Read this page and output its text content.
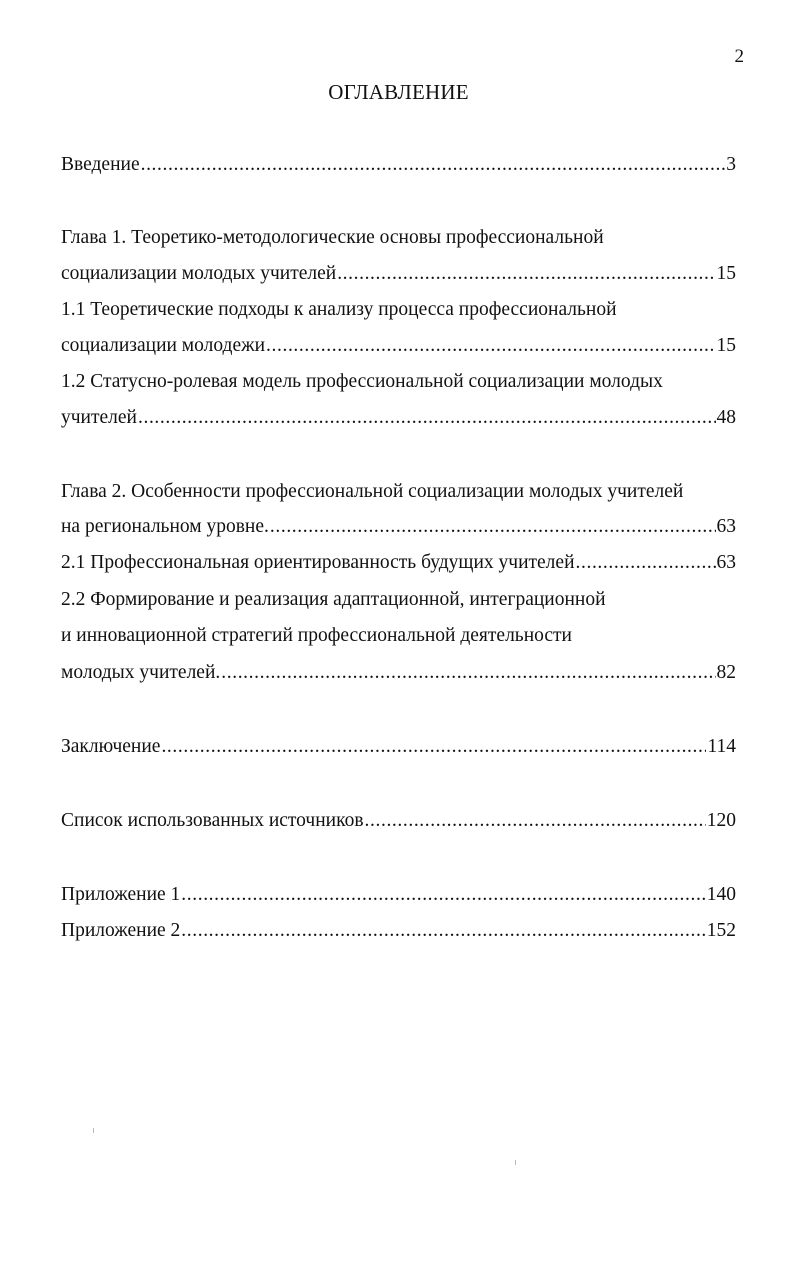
2
ОГЛАВЛЕНИЕ
Введение .....	3
Глава 1. Теоретико-методологические основы профессиональной
социализации молодых учителей .....	15
1.1 Теоретические подходы к анализу процесса профессиональной
социализации молодежи .....	15
1.2 Статусно-ролевая модель профессиональной социализации молодых
учителей .....	48
Глава 2. Особенности профессиональной социализации молодых учителей
на региональном уровне. .....	63
2.1 Профессиональная ориентированность будущих учителей .....	63
2.2 Формирование и реализация адаптационной, интеграционной
и инновационной стратегий профессиональной деятельности
молодых учителей. .....	82
Заключение .....	114
Список использованных источников .....	120
Приложение 1 .....	140
Приложение 2 .....	152
